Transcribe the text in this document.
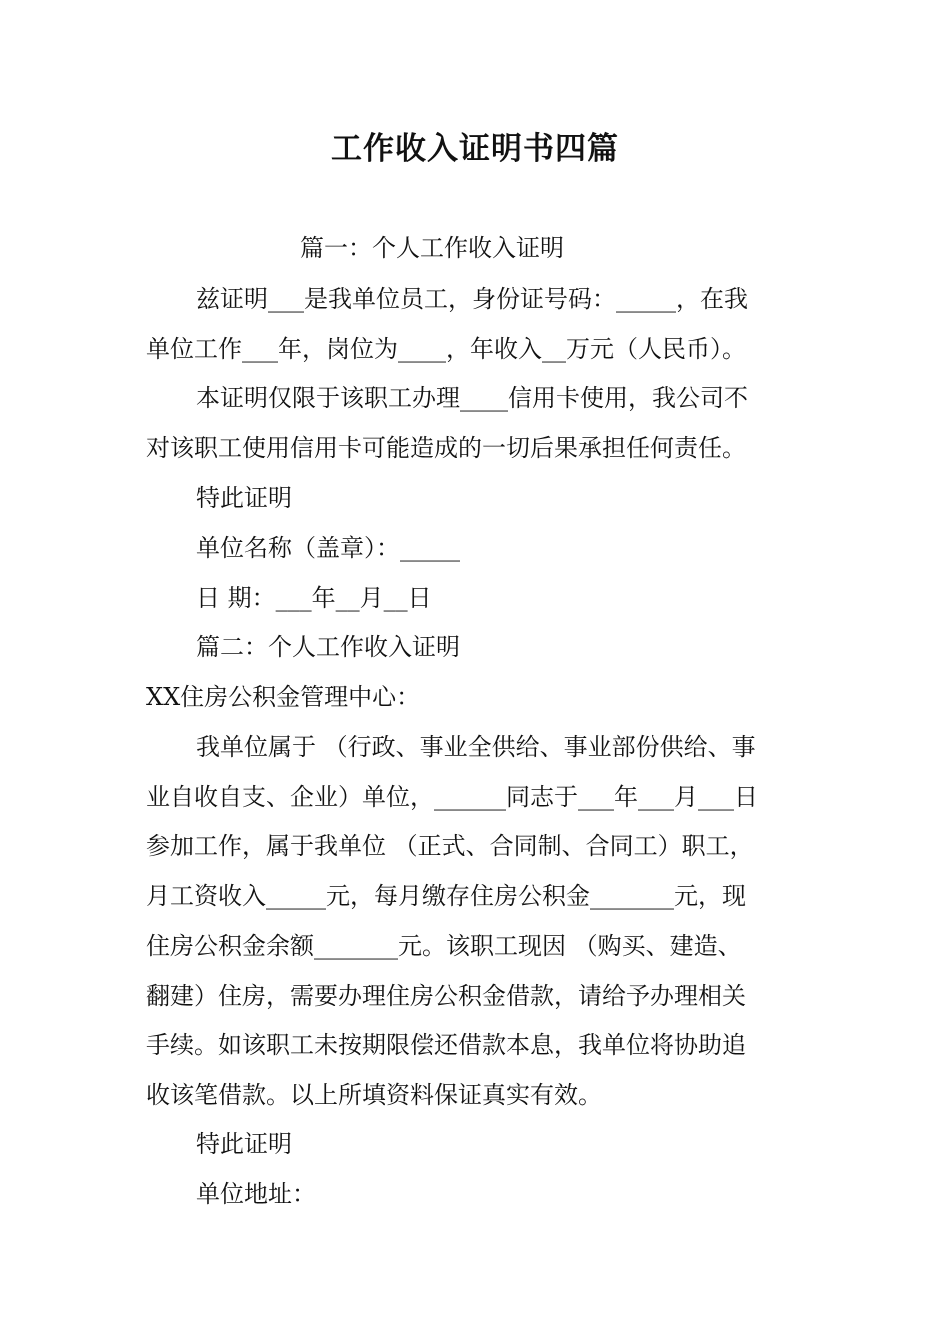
工作收入证明书四篇
篇一：个人工作收入证明
兹证明___是我单位员工，身份证号码：_____，在我
单位工作___年，岗位为____，年收入__万元（人民币）。
本证明仅限于该职工办理____信用卡使用，我公司不
对该职工使用信用卡可能造成的一切后果承担任何责任。
特此证明
单位名称（盖章）：_____
日 期：___年__月__日
篇二：个人工作收入证明
XX住房公积金管理中心：
我单位属于 （行政、事业全供给、事业部份供给、事
业自收自支、企业）单位，______同志于___年___月___日
参加工作，属于我单位 （正式、合同制、合同工）职工，
月工资收入_____元，每月缴存住房公积金_______元，现
住房公积金余额_______元。该职工现因 （购买、建造、
翻建）住房，需要办理住房公积金借款，请给予办理相关
手续。如该职工未按期限偿还借款本息，我单位将协助追
收该笔借款。以上所填资料保证真实有效。
特此证明
单位地址：
